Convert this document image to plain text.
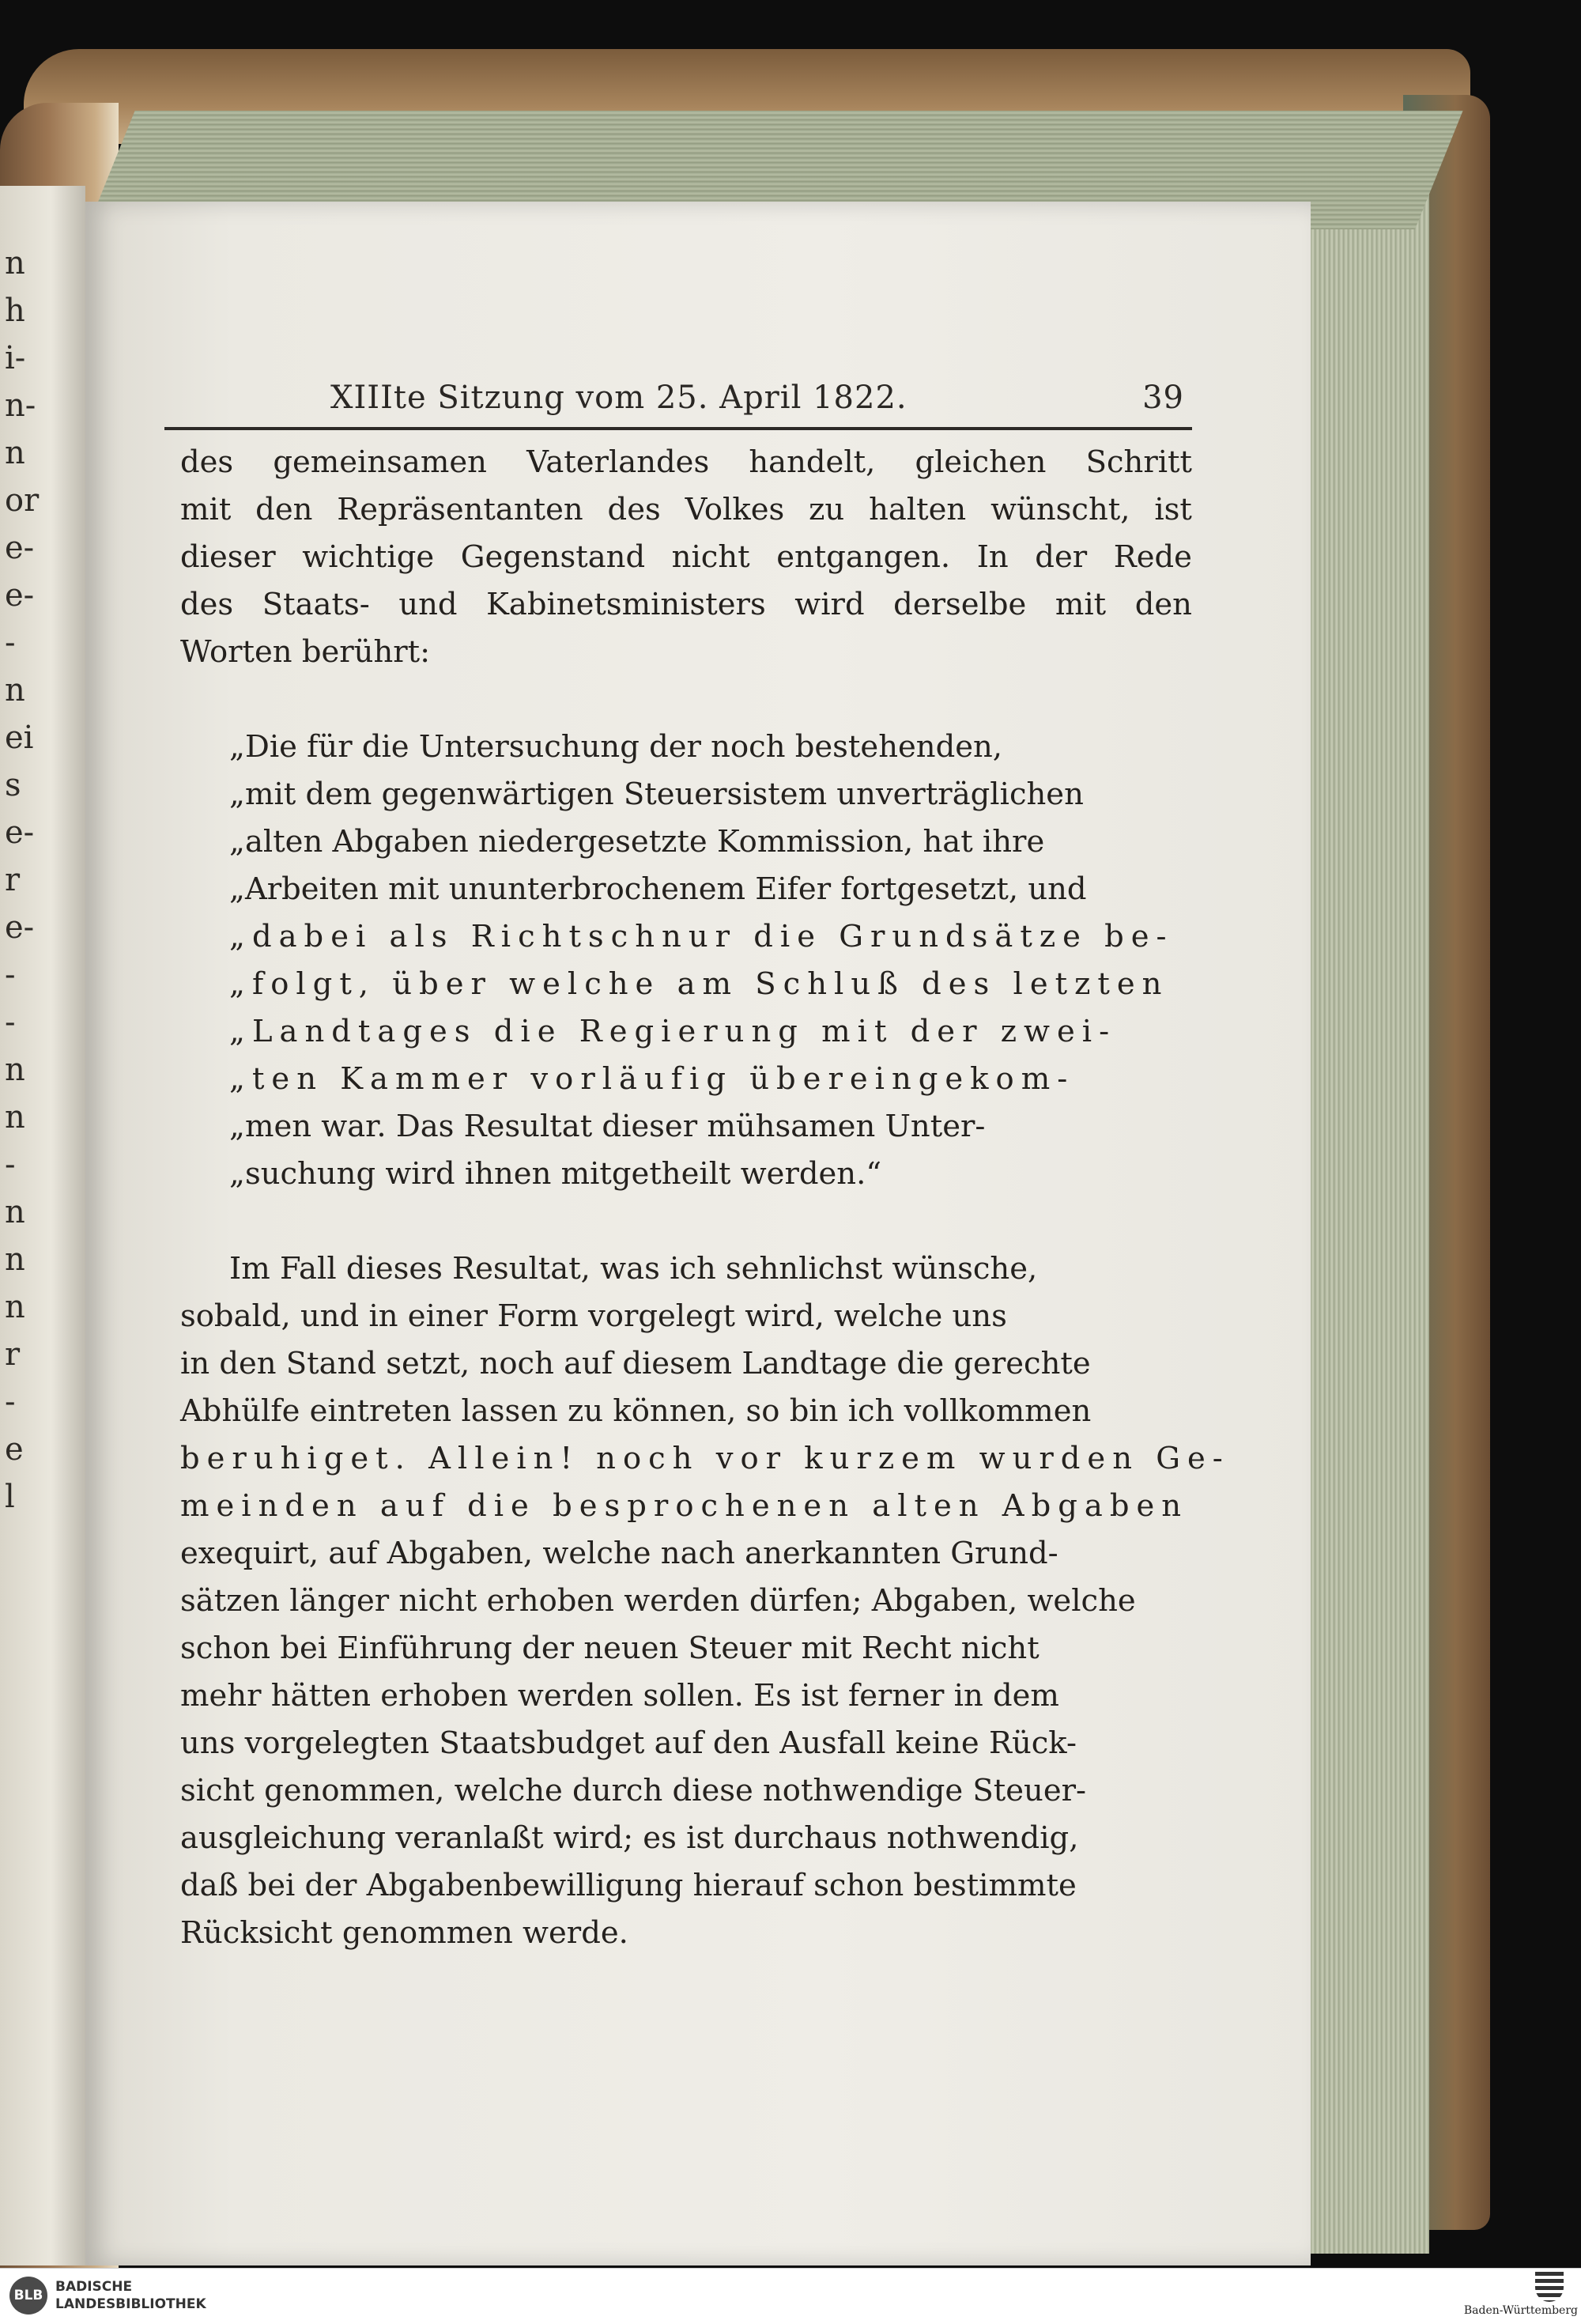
n
h
i-
n-
n
or
e-
e-
-
n
ei
s
e-
r
e-
-
-
n
n
-
n
n
n
r
-
e
l
XIIIte Sitzung vom 25. April 1822.	39
des gemeinsamen Vaterlandes handelt, gleichen Schritt
mit den Repräsentanten des Volkes zu halten wünscht, ist
dieser wichtige Gegenstand nicht entgangen. In der Rede
des Staats- und Kabinetsministers wird derselbe mit den
Worten berührt:
„Die für die Untersuchung der noch bestehenden,
„mit dem gegenwärtigen Steuersistem unverträglichen
„alten Abgaben niedergesetzte Kommission, hat ihre
„Arbeiten mit ununterbrochenem Eifer fortgesetzt, und
„dabei als Richtschnur die Grundsätze be-
„folgt, über welche am Schluß des letzten
„Landtages die Regierung mit der zwei-
„ten Kammer vorläufig übereingekom-
„men war. Das Resultat dieser mühsamen Unter-
„suchung wird ihnen mitgetheilt werden.“
Im Fall dieses Resultat, was ich sehnlichst wünsche,
sobald, und in einer Form vorgelegt wird, welche uns
in den Stand setzt, noch auf diesem Landtage die gerechte
Abhülfe eintreten lassen zu können, so bin ich vollkommen
beruhiget. Allein! noch vor kurzem wurden Ge-
meinden auf die besprochenen alten Abgaben
exequirt, auf Abgaben, welche nach anerkannten Grund-
sätzen länger nicht erhoben werden dürfen; Abgaben, welche
schon bei Einführung der neuen Steuer mit Recht nicht
mehr hätten erhoben werden sollen. Es ist ferner in dem
uns vorgelegten Staatsbudget auf den Ausfall keine Rück-
sicht genommen, welche durch diese nothwendige Steuer-
ausgleichung veranlaßt wird; es ist durchaus nothwendig,
daß bei der Abgabenbewilligung hierauf schon bestimmte
Rücksicht genommen werde.
BLB
BADISCHE
LANDESBIBLIOTHEK	Baden-Württemberg
